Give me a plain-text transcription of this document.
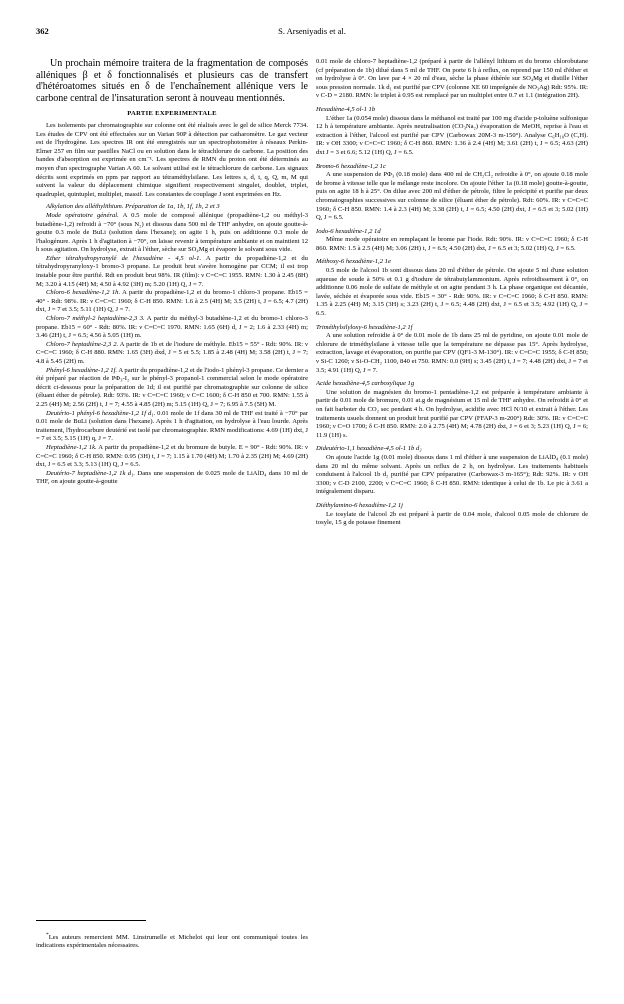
362	S. Arseniyadis et al.

Un prochain mémoire traitera de la fragmentation de composés alléniques β et δ fonctionnalisés et plusieurs cas de transfert d'hétéroatomes situés en δ de l'enchaînement allénique vers le carbone central de l'insaturation seront à nouveau mentionnés.

PARTIE EXPERIMENTALE

Les isolements par chromatographie sur colonne ont été réalisés avec le gel de silice Merck 7734. Les études de CPV ont été effectuées sur un Varian 90P à détection par catharomètre. Le gaz vecteur est de l'hydrogène. Les spectres IR ont été enregistrés sur un spectrophotomètre à réseaux Perkin-Elmer 257 en film sur pastilles NaCl ou en solution dans le tétrachlorure de carbone. La position des bandes d'absorption est exprimée en cm⁻¹. Les spectres de RMN du proton ont été déterminés au moyen d'un spectrographe Varian A 60. Le solvant utilisé est le tétrachlorure de carbone. Les signaux décrits sont exprimés en ppm par rapport au tétraméthylsilane. Les lettres s, d, t, q, Q, m, M qui suivent la valeur du déplacement chimique signifient respectivement singulet, doublet, triplet, quadruplet, quintuplet, multiplet, massif. Les constantes de couplage J sont exprimées en Hz.

Alkylation des alléthylithium. Préparation de 1a, 1b, 1f, 1h, 2 et 3

Mode opératoire général. A 0.5 mole de composé allénique (propadiène-1,2 ou méthyl-3 butadiène-1,2) refroidi à −70° (sous N₂) et dissous dans 500 ml de THF anhydre, on ajoute goutte-à-goutte 0.3 mole de BuLi (solution dans l'hexane); on agite 1 h, puis on additionne 0.3 mole de l'halogénure. Après 1 h d'agitation à −70°, on laisse revenir à température ambiante et on maintient 12 h sous agitation. On hydrolyse, extrait à l'éther, sèche sur SO₄Mg et évapore le solvant sous vide.

Ether tétrahydropyranylé de l'hexadiène - 4,5 ol-1. A partir du propadiène-1,2 et du tétrahydropyranyloxy-1 bromo-3 propane. Le produit brut s'avère homogène par CCM; il est trop instable pour être purifié. Rdt en produit brut 98%. IR (film): ν C=C=C 1955. RMN: 1.30 à 2.45 (8H) M; 3.20 à 4.15 (4H) M; 4.50 à 4.92 (3H) m; 5.20 (1H) Q, J = 7.

Chloro-6 hexadiène-1,2 1h. A partir du propadiène-1,2 et du bromo-1 chloro-3 propane. Eb15 = 40° - Rdt: 98%. IR: ν C=C=C 1960; δ C-H 850. RMN: 1.6 à 2.5 (4H) M; 3.5 (2H) t, J = 6.5; 4.7 (2H) dxt, J = 7 et 3.5; 5.11 (1H) Q, J = 7.

Chloro-7 méthyl-2 heptadiène-2,3 3. A partir du méthyl-3 butadiène-1,2 et du bromo-1 chloro-3 propane. Eb15 = 60° - Rdt: 80%. IR: ν C=C=C 1970. RMN: 1.65 (6H) d, J = 2; 1.6 à 2.33 (4H) m; 3.46 (2H) t, J = 6.5; 4.56 à 5.05 (1H) m.

Chloro-7 heptadiène-2,3 2. A partir de 1b et de l'iodure de méthyle. Eb15 = 55° - Rdt: 90%. IR: ν C=C=C 1960; δ C-H 880. RMN: 1.65 (3H) dxd, J = 5 et 5.5; 1.85 à 2.48 (4H) M; 3.58 (2H) t, J = 7; 4.8 à 5.45 (2H) m.

Phényl-6 hexadiène-1,2 1f. A partir du propadiène-1,2 et de l'iodo-1 phényl-3 propane. Ce dernier a été préparé par réaction de PΦ₃-I₂ sur le phényl-3 propanol-1 commercial selon le mode opératoire décrit ci-dessous pour la préparation de 1d; il est purifié par chromatographie sur colonne de silice (éluant éther de pétrole). Rdt: 93%. IR: ν C=C=C 1960; ν C=C 1600; δ C-H 850 et 700. RMN: 1.55 à 2.25 (4H) M; 2.56 (2H) t, J = 7; 4.55 à 4.85 (2H) m; 5.15 (1H) Q, J = 7; 6.95 à 7.5 (5H) M.

Deutério-1 phényl-6 hexadiène-1,2 1f d₁. 0.01 mole de 1f dans 30 ml de THF est traité à −70° par 0.01 mole de BuLi (solution dans l'hexane). Après 1 h d'agitation, on hydrolyse à l'eau lourde. Après traitement, l'hydrocarbure deutérié est isolé par chromatographie. RMN modifications: 4.69 (1H) dxt, J = 7 et 3.5; 5.15 (1H) q, J = 7.

Heptadiène-1,2 1k. A partir du propadiène-1,2 et du bromure de butyle. E = 90° - Rdt: 90%. IR: ν C=C=C 1960; δ C-H 850. RMN: 0.95 (3H) t, J = 7; 1.15 à 1.70 (4H) M; 1.70 à 2.35 (2H) M; 4.69 (2H) dxt, J = 6.5 et 3.3; 5.13 (1H) Q, J = 6.5.

Deutério-7 heptadiène-1,2 1k d₁. Dans une suspension de 0.025 mole de LiAlD₄ dans 10 ml de THF, on ajoute goutte-à-goutte

*Les auteurs remercient MM. Linstrumelle et Michelot qui leur ont communiqué toutes les indications expérimentales nécessaires.

0.01 mole de chloro-7 heptadiène-1,2 (préparé à partir de l'allényl lithium et du bromo chlorobutane (cf préparation de 1b) dilué dans 5 ml de THF. On porte 6 h à reflux, on reprend par 150 ml d'éther et on hydrolyse à 0°. On lave par 4 × 20 ml d'eau, sèche la phase éthérée sur SO₄Mg et distille l'éther sous pression normale. 1k d₁ est purifié par CPV (colonne XE 60 imprégnée de NO₃Ag) Rdt: 95%. IR: ν C-D = 2180. RMN: le triplet à 0.95 est remplacé par un multiplet entre 0.7 et 1.1 (intégration 2H).

Hexadiène-4,5 ol-1 1b

L'éther 1a (0.054 mole) dissous dans le méthanol est traité par 100 mg d'acide p-toluène sulfonique 12 h à température ambiante. Après neutralisation (CO₃Na₂) évaporation de MeOH, reprise à l'eau et extraction à l'éther, l'alcool est purifié par CPV (Carbowax 20M-3 m-150°). Analyse C₆H₁₀O (C,H). IR: ν OH 3300; ν C=C=C 1960; δ C-H 860. RMN: 1.36 à 2.4 (4H) M; 3.61 (2H) t, J = 6.5; 4.63 (2H) dxt J = 3 et 6.6; 5.12 (1H) Q, J = 6.5.

Bromo-6 hexadiène-1,2 1c

A une suspension de PΦ₃ (0.18 mole) dans 400 ml de CH₂Cl₂ refroidie à 0°, on ajoute 0.18 mole de brome à vitesse telle que le mélange reste incolore. On ajoute l'éther 1a (0.18 mole) goutte-à-goutte, puis on agite 18 h à 25°. On dilue avec 200 ml d'éther de pétrole, filtre le précipité et purifie par deux chromatographies successives sur colonne de silice (éluant éther de pétrole). Rdt: 60%. IR: ν C=C=C 1960; δ C-H 850. RMN: 1.4 à 2.3 (4H) M; 3.38 (2H) t, J = 6.5; 4.50 (2H) dxt, J = 6.5 et 3; 5.02 (1H) Q, J = 6.5.

Iodo-6 hexadiène-1,2 1d

Même mode opératoire en remplaçant le brome par l'iode. Rdt: 90%. IR: ν C=C=C 1960; δ C-H 860. RMN: 1.5 à 2.5 (4H) M; 3.06 (2H) t, J = 6.5; 4.50 (2H) dxt, J = 6.5 et 3; 5.02 (1H) Q, J = 6.5.

Méthoxy-6 hexadiène-1,2 1e

0.5 mole de l'alcool 1b sont dissous dans 20 ml d'éther de pétrole. On ajoute 5 ml d'une solution aqueuse de soude à 50% et 0.1 g d'iodure de tétrabutylammonium. Après refroidissement à 0°, on additionne 0.06 mole de sulfate de méthyle et on agite pendant 3 h. La phase organique est décantée, lavée, séchée et évaporée sous vide. Eb15 = 30° - Rdt: 90%. IR: ν C=C=C 1960; δ C-H 850. RMN: 1.35 à 2.25 (4H) M; 3.15 (3H) s; 3.23 (2H) t, J = 6.5; 4.48 (2H) dxt, J = 6.5 et 3.5; 4.92 (1H) Q, J = 6.5.

Triméthylsilyloxy-6 hexadiène-1,2 1f

A une solution refroidie à 0° de 0.01 mole de 1b dans 25 ml de pyridine, on ajoute 0.01 mole de chlorure de triméthylsilane à vitesse telle que la température ne dépasse pas 15°. Après hydrolyse, extraction, lavage et évaporation, on purifie par CPV (QF1-3 M-130°). IR: ν C=C=C 1955; δ C-H 850; ν Si-C 1260; ν Si-O-CH₂ 1100, 840 et 750. RMN: 0.0 (9H) s; 3.45 (2H) t, J = 7; 4.48 (2H) dxt, J = 7 et 3.5; 4.91 (1H) Q, J = 7.

Acide hexadiène-4,5 carboxylique 1g

Une solution de magnésien du bromo-1 pentadiène-1,2 est préparée à température ambiante à partir de 0.01 mole de bromure, 0.01 at.g de magnésium et 15 ml de THF anhydre. On refroidit à 0° et on fait barboter du CO₂ sec pendant 4 h. On hydrolyse, acidifie avec HCl N/10 et extrait à l'éther. Les traitements usuels donnent un produit brut purifié par CPV (FFAP-3 m-200°) Rdt: 30%. IR: ν C=C=C 1960; ν C=O 1700; δ C-H 850. RMN: 2.0 à 2.75 (4H) M; 4.78 (2H) dxt, J = 6 et 3; 5.23 (1H) Q, J = 6; 11.9 (1H) s.

Dideutério-1,1 hexadiène-4,5 ol-1 1b d₂

On ajoute l'acide 1g (0.01 mole) dissous dans 1 ml d'éther à une suspension de LiAlD₄ (0.1 mole) dans 20 ml du même solvant. Après un reflux de 2 h, on hydrolyse. Les traitements habituels conduisent à l'alcool 1b d₂ purifié par CPV préparative (Carbowax-3 m-165°); Rdt: 92%. IR: ν OH 3300; ν C-D 2100, 2200; ν C=C=C 1960; δ C-H 850. RMN: identique à celui de 1b. Le pic à 3.61 a intégralement disparu.

Diéthylamino-6 hexadiène-1,2 1j

Le tosylate de l'alcool 2b est préparé à partir de 0.04 mole, d'alcool 0.05 mole de chlorure de tosyle, 15 g de potasse finement
